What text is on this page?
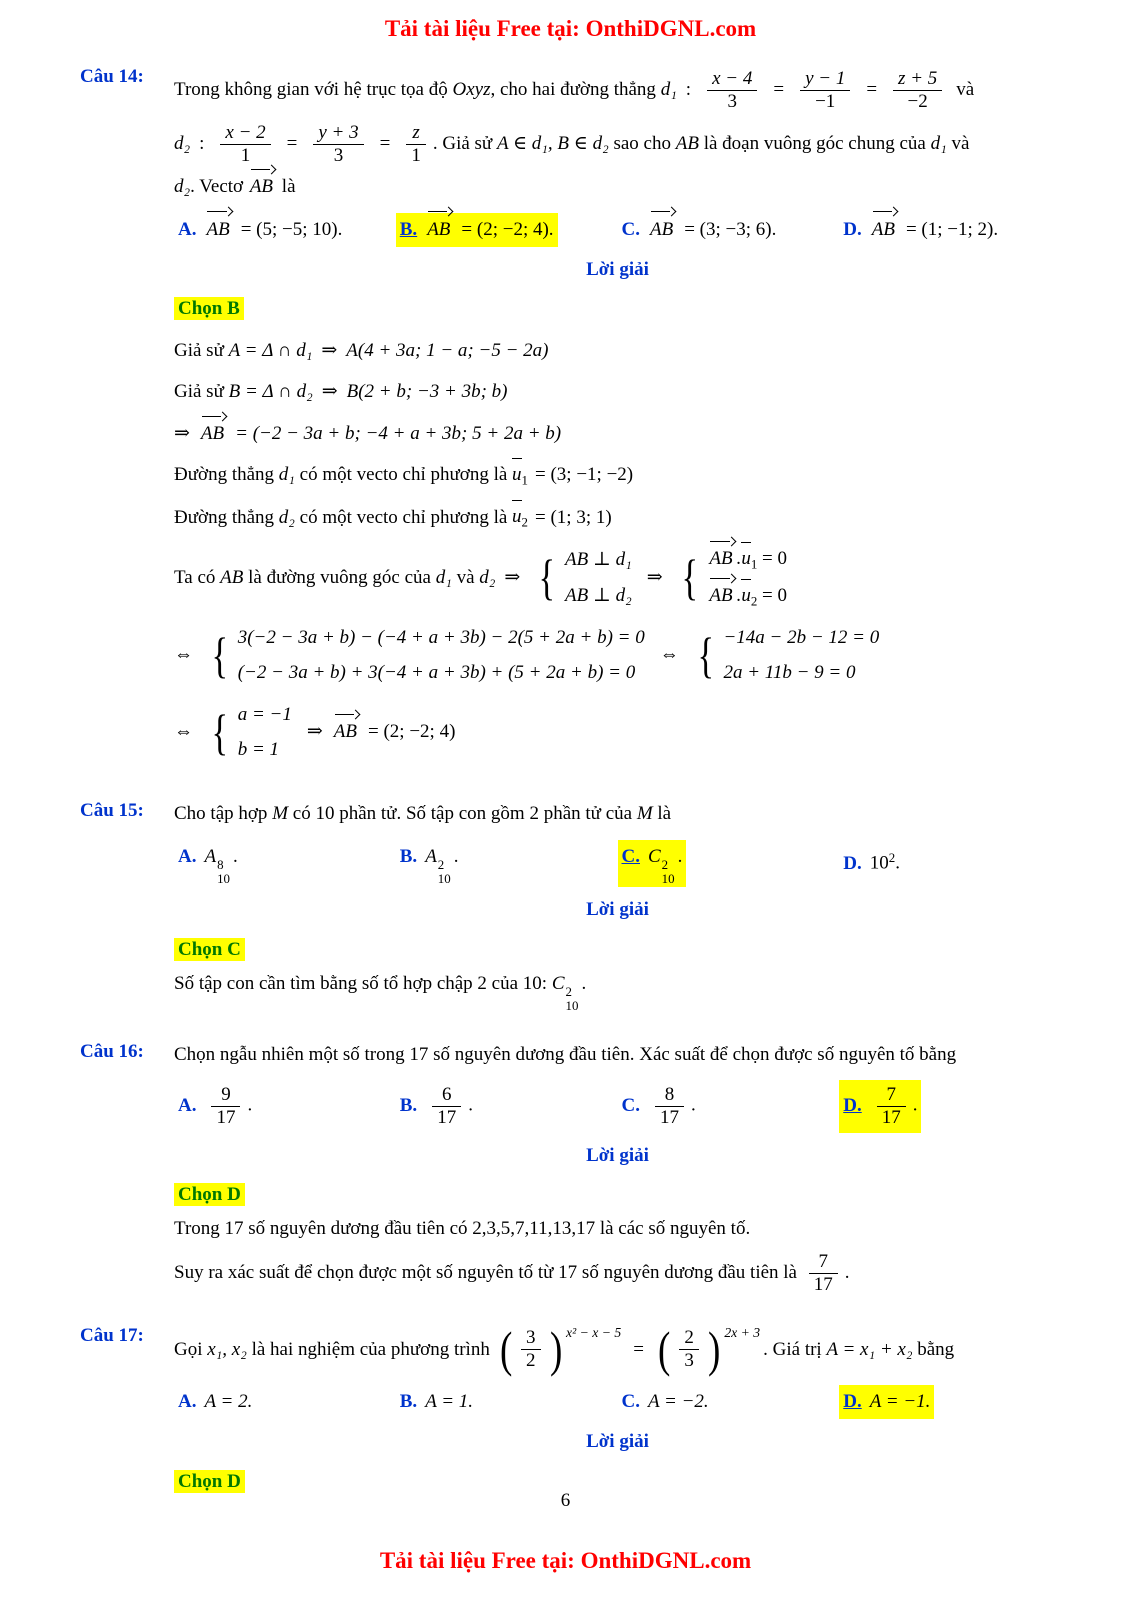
Tải tài liệu Free tại: OnthiDGNL.com
Câu 14:
Trong không gian với hệ trục tọa độ Oxyz , cho hai đường thẳng d₁ : $\frac{x - 4}{3} = \frac{y - 1}{-1} = \frac{z + 5}{-2}$ và
d₂ : $\frac{x - 2}{1} = \frac{y + 3}{3} = \frac{z}{1}$ . Giả sử A ∈ d₁, B ∈ d₂ sao cho AB là đoạn vuông góc chung của d₁ và
d₂ . Vectơ AB là
A. AB = (5; −5; 10).	B. AB = (2; −2; 4).	C. AB = (3; −3; 6).	D. AB = (1; −1; 2).
Lời giải
Chọn B
Giả sử A = Δ ∩ d₁ ⇒ A(4 + 3a; 1 − a; −5 − 2a)
Giả sử B = Δ ∩ d₂ ⇒ B(2 + b; −3 + 3b; b)
⇒ AB = (−2 − 3a + b; −4 + a + 3b; 5 + 2a + b)
Đường thẳng d₁ có một vecto chỉ phương là $u_1 = (3$; −1; −2)
Đường thẳng d₂ có một vecto chỉ phương là $u_2 = (1$; 3; 1)
Ta có AB là đường vuông góc của d₁ và d₂ ⇒ { AB ⊥ d₁
AB ⊥ d₂
⇒ { AB $.u_1 = 0$
AB $.u_2 = 0$
⇔ { 3(−2 − 3a + b) − (−4 + a + 3b) − 2(5 + 2a + b) = 0
(−2 − 3a + b) + 3(−4 + a + 3b) + (5 + 2a + b) = 0
⇔ { −14a − 2b − 12 = 0
2a + 11b − 9 = 0
⇔ { a = −1
b = 1
⇒ AB = (2; −2; 4)
Câu 15:	Cho tập hợp M có 10 phần tử. Số tập con gồm 2 phần tử của M là
A. A 8
10
.	B. A 2
10
.	C. C 2
10
.	D. $10^2$.
Lời giải
Chọn C
Số tập con cần tìm bằng số tổ hợp chập 2 của 10: C 2
10
.
Câu 16:	Chọn ngẫu nhiên một số trong 17 số nguyên dương đầu tiên. Xác suất để chọn được số nguyên tố bằng
A. $\frac{9}{17}$ .	B. $\frac{6}{17}$ .	C. $\frac{8}{17}$ .	D. $\frac{7}{17}$ .
Lời giải
Chọn D
Trong 17 số nguyên dương đầu tiên có 2,3,5,7,11,13,17 là các số nguyên tố.
Suy ra xác suất để chọn được một số nguyên tố từ 17 số nguyên dương đầu tiên là $\frac{7}{17}$ .
Câu 17:
Gọi x₁, x₂ là hai nghiệm của phương trình ( $\frac{3}{2}$ ) x² − x − 5
= ( $\frac{2}{3}$ ) 2x + 3
. Giá trị A = x₁ + x₂ bằng
A. A = 2.	B. A = 1.	C. A = −2.	D. A = −1.
Lời giải
Chọn D
6
Tải tài liệu Free tại: OnthiDGNL.com
